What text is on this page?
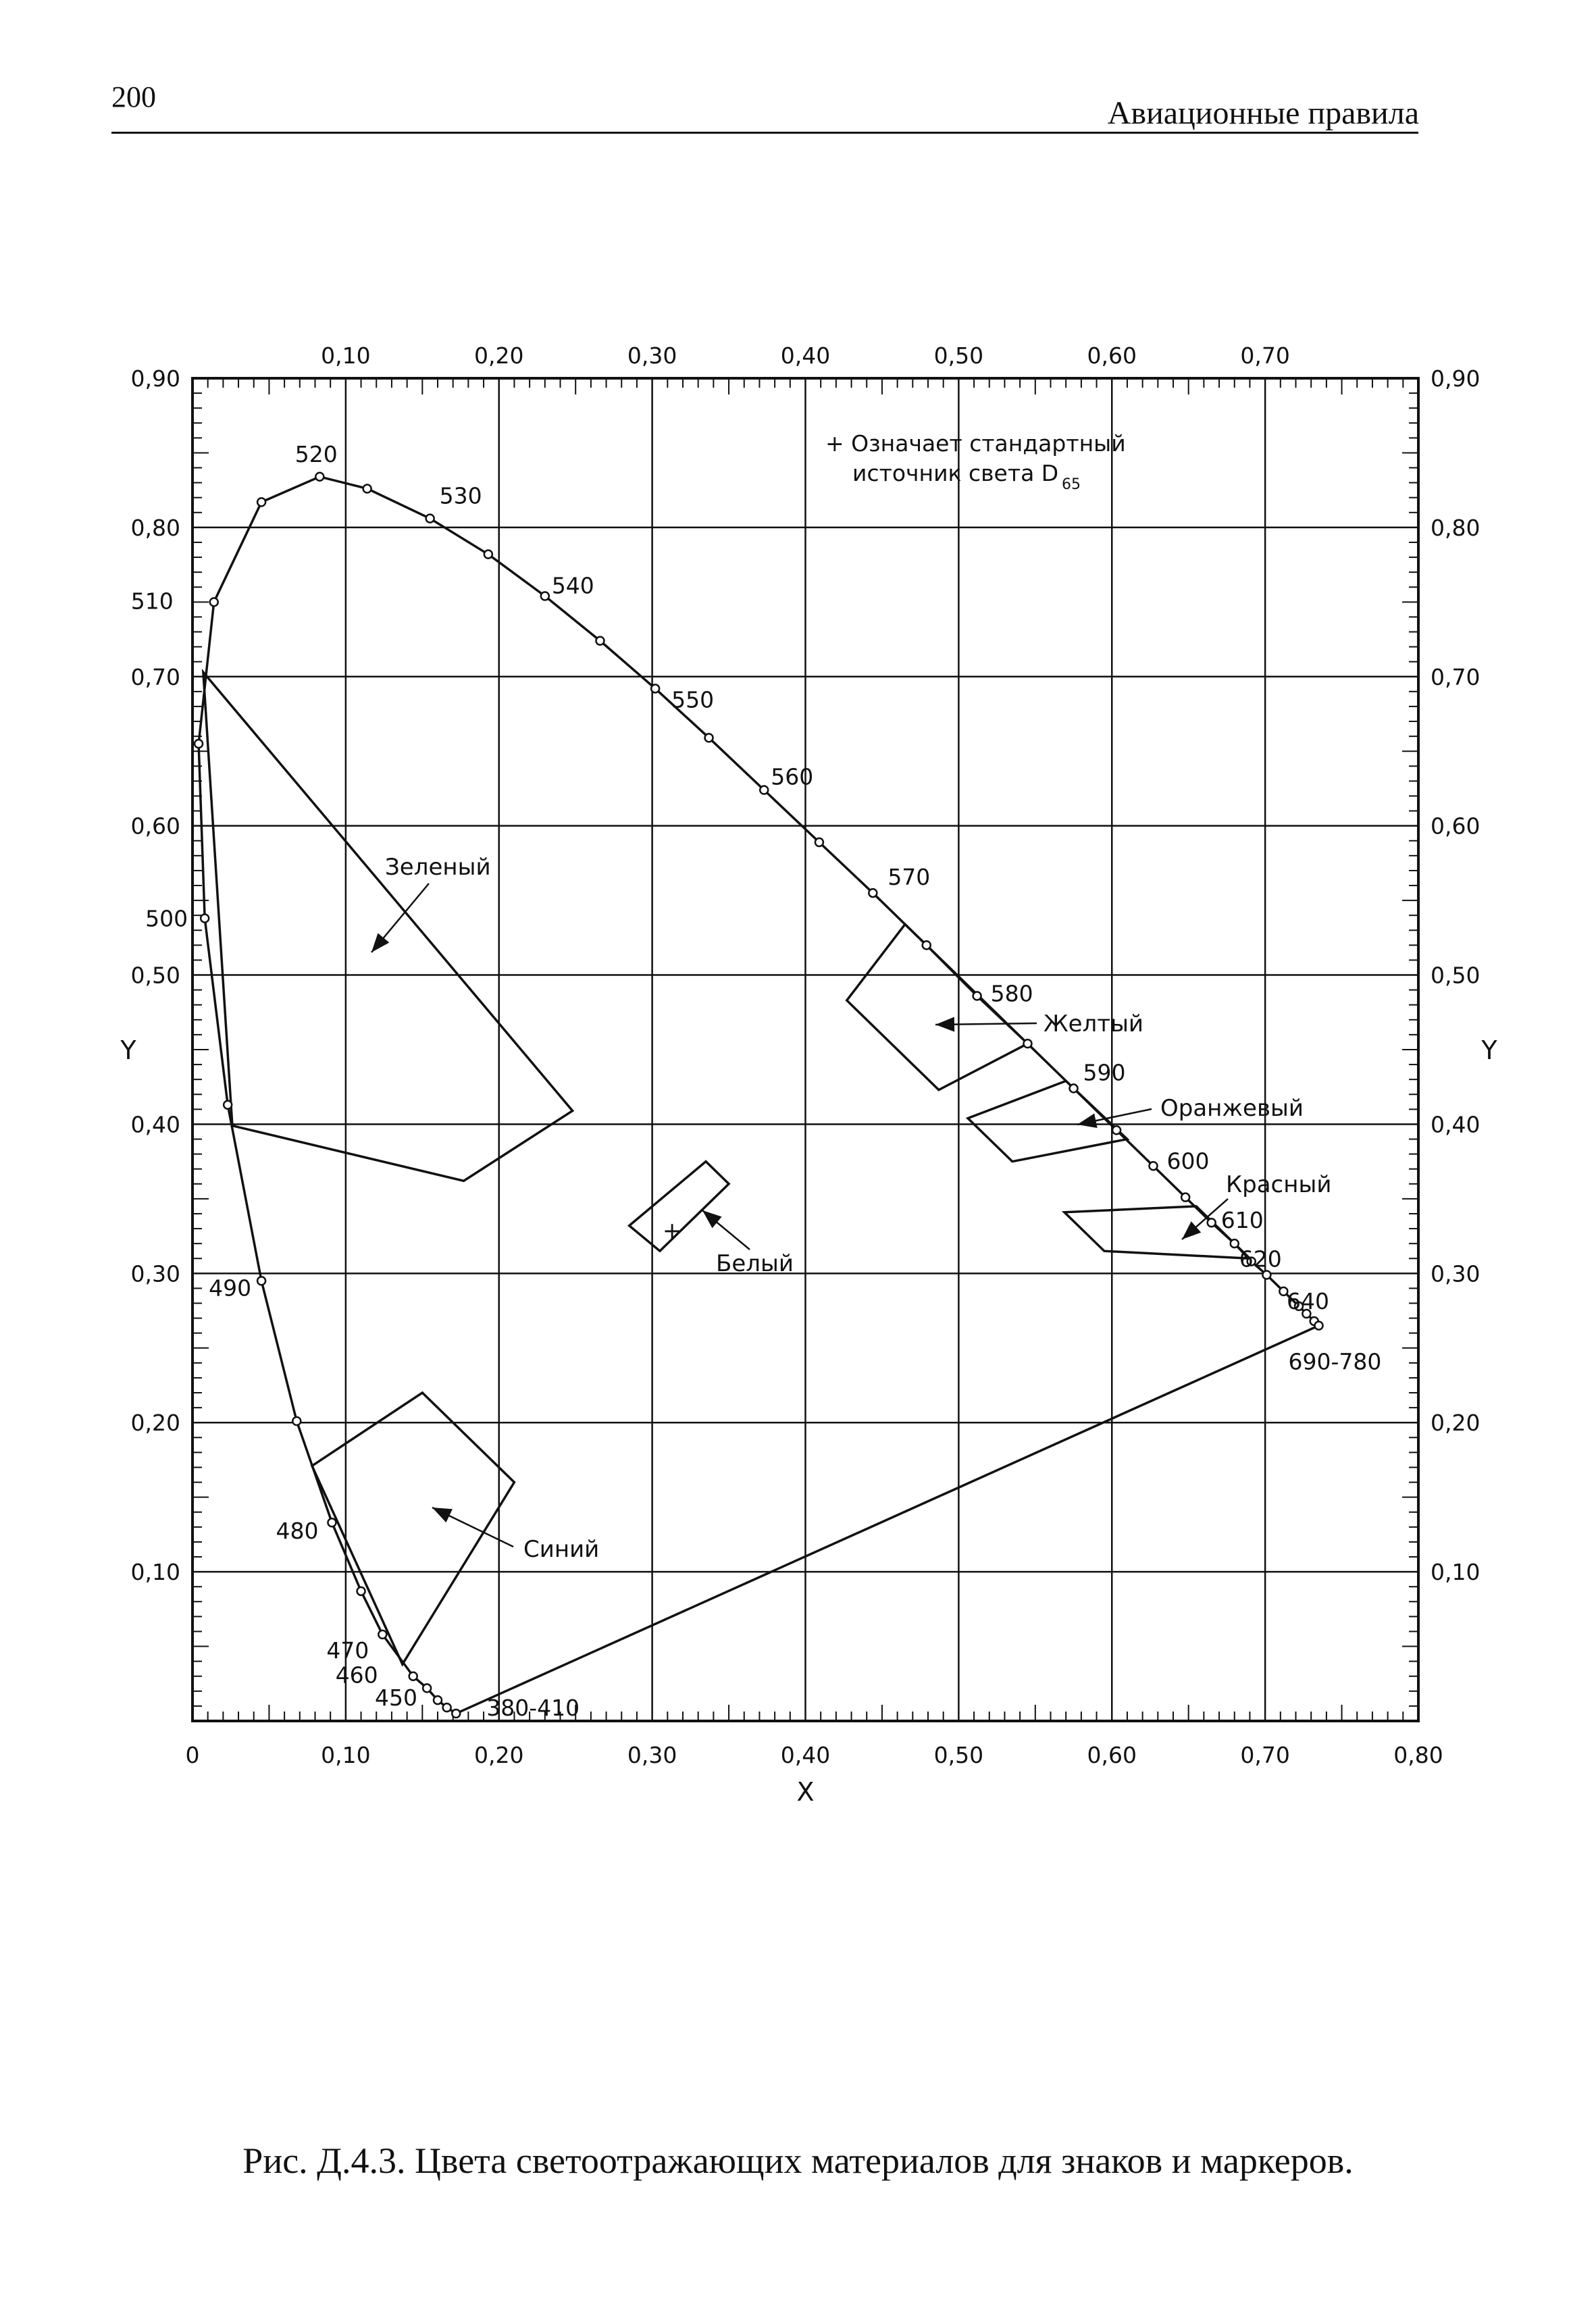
200	Авиационные правила
0	0,10	0,20	0,30	0,40	0,50	0,60	0,70	0,80
0,10	0,20	0,30	0,40	0,50	0,60	0,70
0,10	0,10
0,20	0,20
0,30	0,30
0,40	0,40
0,50	0,50
0,60	0,60
0,70	0,70
0,80	0,80
0,90	0,90
X
Y	Y
380-410
450
460
470
480
490
500
510
520
530
540
550
560
570
580
590
600
610
620
640
690-780
Зеленый
Желтый
Оранжевый
Красный
Белый
Синий
+
+ Означает стандартный
источник света D 65
Рис. Д.4.3. Цвета светоотражающих материалов для знаков и маркеров.
